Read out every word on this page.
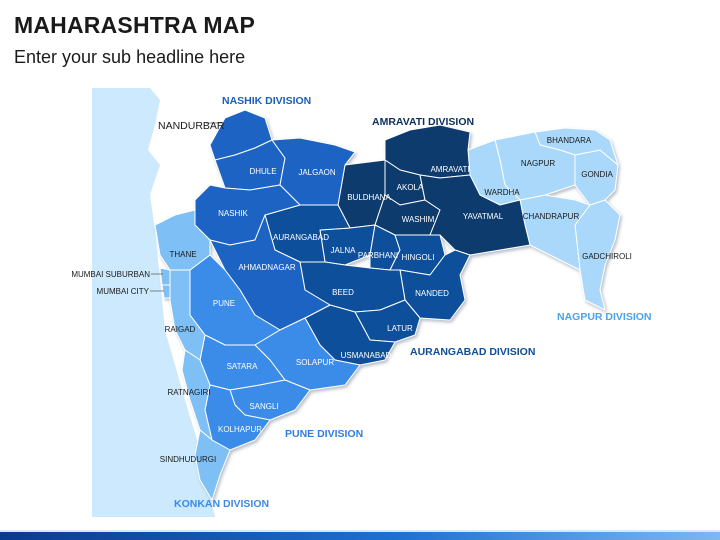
MAHARASHTRA MAP
Enter your sub headline here
DHULE	JALGAON
NASHIK
AURANGABAD
AHMADNAGAR
JALNA
BEED
PARBHANI HINGOLI
NANDED
LATUR
USMANABAD
BULDHANA
AKOLA
WASHIM
AMRAVATI
YAVATMAL
WARDHA
NAGPUR
BHANDARA
GONDIA
CHANDRAPUR
GADCHIROLI
PUNE
SATARA	SOLAPUR
SANGLI
KOLHAPUR
THANE
MUMBAI SUBURBAN
MUMBAI CITY
RAIGAD
RATNAGIRI
SINDHUDURGI
NANDURBAR
NASHIK DIVISION
AMRAVATI DIVISION
NAGPUR DIVISION
AURANGABAD DIVISION
PUNE DIVISION
KONKAN DIVISION
